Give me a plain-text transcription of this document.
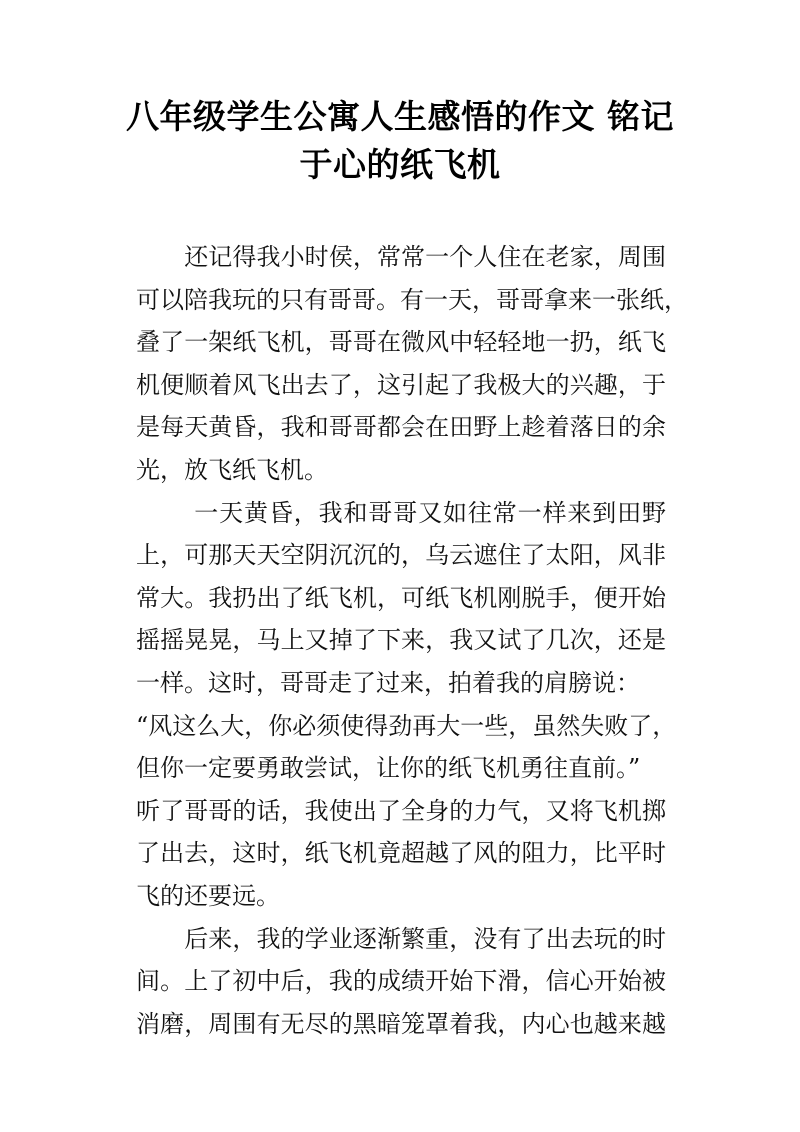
八年级学生公寓人生感悟的作文 铭记
于心的纸飞机
　　还记得我小时侯，常常一个人住在老家，周围
可以陪我玩的只有哥哥。有一天，哥哥拿来一张纸，
叠了一架纸飞机，哥哥在微风中轻轻地一扔，纸飞
机便顺着风飞出去了，这引起了我极大的兴趣，于
是每天黄昏，我和哥哥都会在田野上趁着落日的余
光，放飞纸飞机。
　　 一天黄昏，我和哥哥又如往常一样来到田野
上，可那天天空阴沉沉的，乌云遮住了太阳，风非
常大。我扔出了纸飞机，可纸飞机刚脱手，便开始
摇摇晃晃，马上又掉了下来，我又试了几次，还是
一样。这时，哥哥走了过来，拍着我的肩膀说：
“风这么大，你必须使得劲再大一些，虽然失败了，
但你一定要勇敢尝试，让你的纸飞机勇往直前。”
听了哥哥的话，我使出了全身的力气，又将飞机掷
了出去，这时，纸飞机竟超越了风的阻力，比平时
飞的还要远。
　　后来，我的学业逐渐繁重，没有了出去玩的时
间。上了初中后，我的成绩开始下滑，信心开始被
消磨，周围有无尽的黑暗笼罩着我，内心也越来越
